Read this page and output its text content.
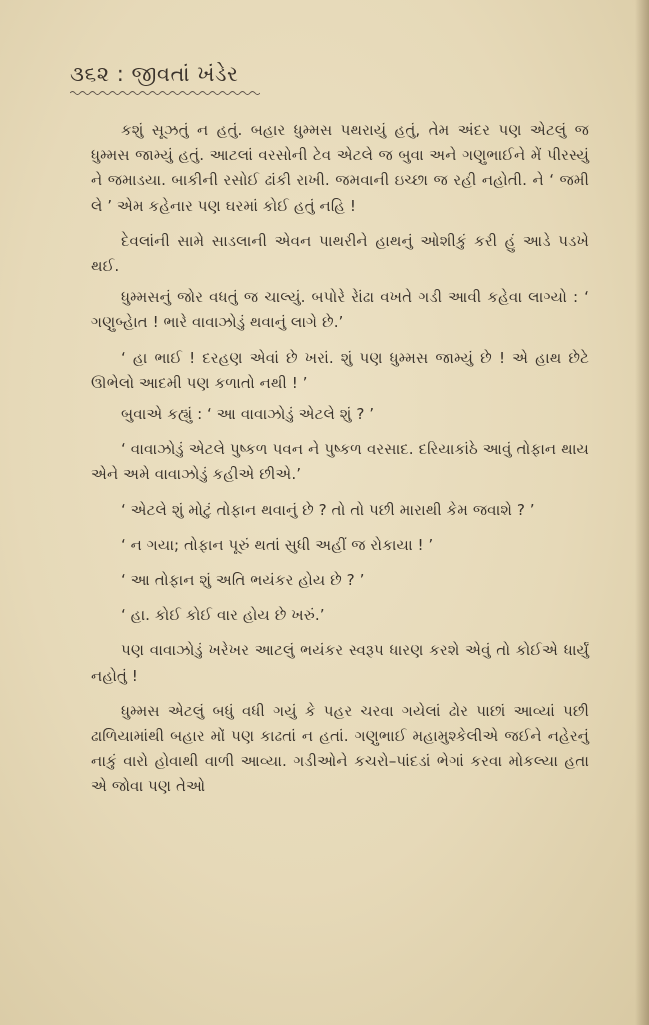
૩૬૨ : જીવતાં ખંડેર

કશું સૂઝતું ન હતું. બહાર ધુમ્મસ પથરાયું હતું, તેમ અંદર પણ એટલું જ ધુમ્મસ જામ્યું હતું. આટલાં વરસોની ટેવ એટલે જ બુવા અને ગણુભાઈને મેં પીરસ્યું ને જમાડયા. બાકીની રસોઈ ઢાંકી રાખી. જમવાની ઇચ્છા જ રહી નહોતી. ને ‘ જમી લે ’ એમ કહેનાર પણ ઘરમાં કોઈ હતું નહિ !

દેવલાંની સામે સાડલાની એવન પાથરીને હાથનું ઓશીકું કરી હું આડે પડખે થઈ.

ધુમ્મસનું જોર વધતું જ ચાલ્યું. બપોરે રેાંઢા વખતે ગડી આવી કહેવા લાગ્યો : ‘ ગણુબ્હેાત ! ભારે વાવાઝોડું થવાનું લાગે છે.’

‘ હા ભાઈ ! દરહણ એવાં છે ખરાં. શું પણ ધુમ્મસ જામ્યું છે ! એ હાથ છેટે ઊભેલો આદમી પણ કળાતો નથી ! ’

બુવાએ કહ્યું : ‘ આ વાવાઝોડું એટલે શું ? ’

‘ વાવાઝોડું એટલે પુષ્કળ પવન ને પુષ્કળ વરસાદ. દરિયાકાંઠે આવું તોફાન થાય એને અમે વાવાઝોડું કહીએ છીએ.’

‘ એટલે શું મોટું તોફાન થવાનું છે ? તો તો પછી મારાથી કેમ જવાશે ? ’

‘ ન ગયા; તોફાન પૂરું થતાં સુધી અહીં જ રોકાયા ! ’

‘ આ તોફાન શું અતિ ભયંકર હોય છે ? ’

‘ હા. કોઈ કોઈ વાર હોય છે ખરું.’

પણ વાવાઝોડું ખરેખર આટલું ભયંકર સ્વરૂપ ધારણ કરશે એવું તો કોઈએ ધાર્યું નહોતું !

ધુમ્મસ એટલું બધું વધી ગયું કે પહર ચરવા ગયેલાં ઢોર પાછાં આવ્યાં પછી ઢાળિયામાંથી બહાર મોં પણ કાઢતાં ન હતાં. ગણુભાઈ મહામુશ્કેલીએ જઈને નહેરનું નાકું વારો હોવાથી વાળી આવ્યા. ગડીઓને કચરો–પાંદડાં ભેગાં કરવા મોકલ્યા હતા એ જોવા પણ તેઓ
